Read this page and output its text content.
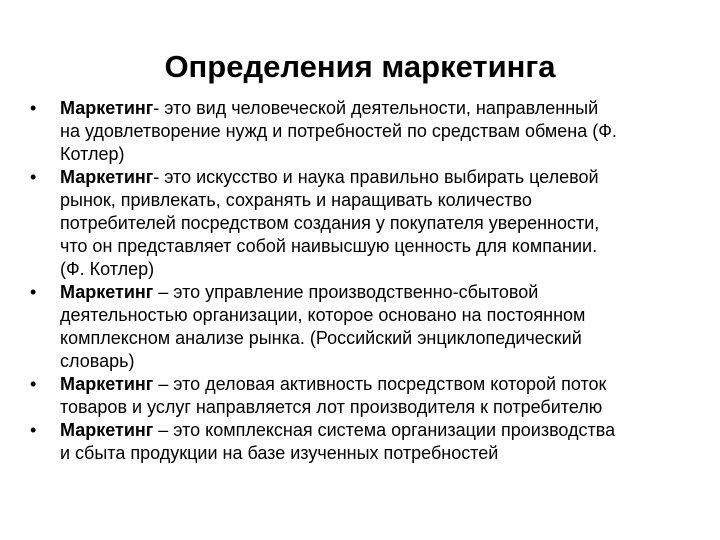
Определения маркетинга
•	Маркетинг- это вид человеческой деятельности, направленный
на удовлетворение нужд и потребностей по средствам обмена (Ф.
Котлер)
•	Маркетинг- это искусство и наука правильно выбирать целевой
рынок, привлекать, сохранять и наращивать количество
потребителей посредством создания у покупателя уверенности,
что он представляет собой наивысшую ценность для компании.
(Ф. Котлер)
•	Маркетинг – это управление производственно-сбытовой
деятельностью организации, которое основано на постоянном
комплексном анализе рынка. (Российский энциклопедический
словарь)
•	Маркетинг – это деловая активность посредством которой поток
товаров и услуг направляется лот производителя к потребителю
•	Маркетинг – это комплексная система организации производства
и сбыта продукции на базе изученных потребностей
